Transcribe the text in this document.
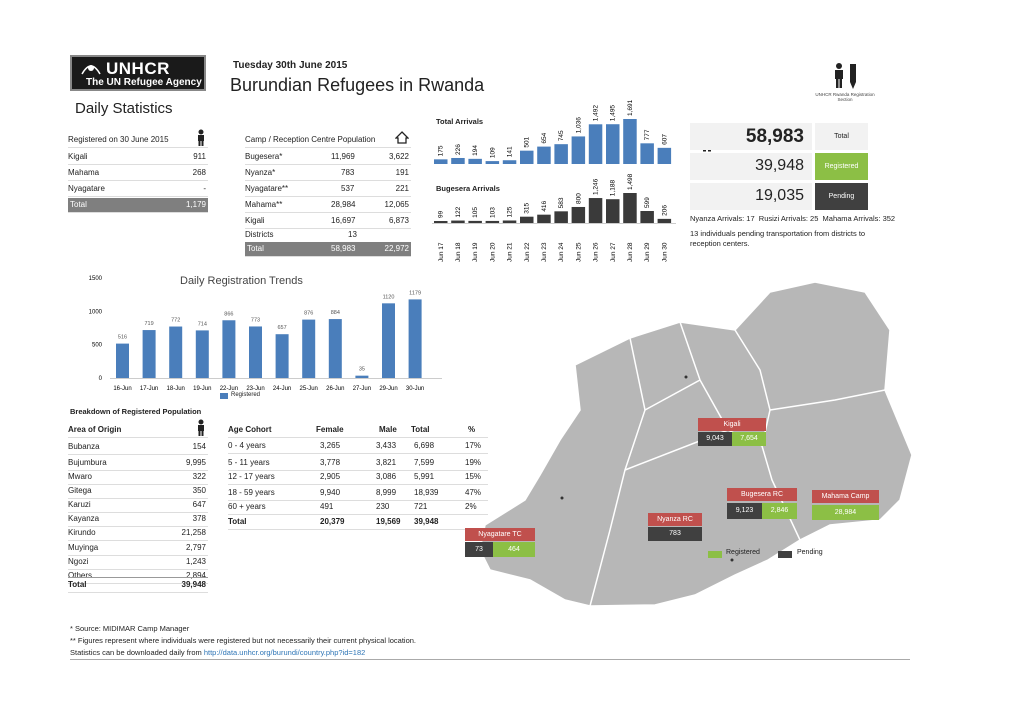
UNHCR
The UN Refugee Agency
Tuesday 30th June 2015
Burundian Refugees in Rwanda
Daily Statistics
UNHCR Rwanda Registration Section
Registered on 30 June 2015
Kigali	911
Mahama	268
Nyagatare	-
Total	1,179
Camp / Reception Centre Population
Bugesera*	11,969	3,622
Nyanza*	783	191
Nyagatare**	537	221
Mahama**	28,984	12,065
Kigali	16,697	6,873
Districts	13
Total	58,983	22,972
Total Arrivals
Bugesera Arrivals
175 226 194 109 141
501 654 745
1,036
1,492 1,495 1,691
777 607
99
Jun 17
122
Jun 18
105
Jun 19
103
Jun 20
125
Jun 21
315
Jun 22
416
Jun 23
583
Jun 24
800
Jun 25
1,246
Jun 26
1,188
Jun 27
1,498
Jun 28
599
Jun 29
206
Jun 30
58,983	Total
39,948	Registered
19,035	Pending
Nyanza Arrivals: 17  Rusizi Arrivals: 25  Mahama Arrivals: 352
13 individuals pending transportation from districts to reception centers.
Daily Registration Trends
0
500
1000
1500
516
16-Jun
719
17-Jun
772
18-Jun
714
19-Jun
866
22-Jun
773
23-Jun
657
24-Jun
876
25-Jun
884
26-Jun
35
27-Jun
1120
29-Jun
1179
30-Jun
Registered
Breakdown of Registered Population
Area of Origin
Bubanza	154
Bujumbura	9,995
Mwaro	322
Gitega	350
Karuzi	647
Kayanza	378
Kirundo	21,258
Muyinga	2,797
Ngozi	1,243
Others	2,894
Total	39,948
Age Cohort	Female	Male Total	%
0 - 4 years	3,265	3,433 6,698	17%
5 - 11 years	3,778	3,821 7,599	19%
12 - 17 years	2,905	3,086 5,991	15%
18 - 59 years	9,940	8,999 18,939	47%
60 + years	491	230	721	2%
Total	20,379	19,569 39,948
Kigali
9,043	7,654
Bugesera RC
9,123	2,846
Mahama Camp
28,984
Nyanza RC
783
Nyagatare TC
73	464	Registered	Pending
* Source: MIDIMAR Camp Manager
** Figures represent where individuals were registered but not necessarily their current physical location.
Statistics can be downloaded daily from http://data.unhcr.org/burundi/country.php?id=182
